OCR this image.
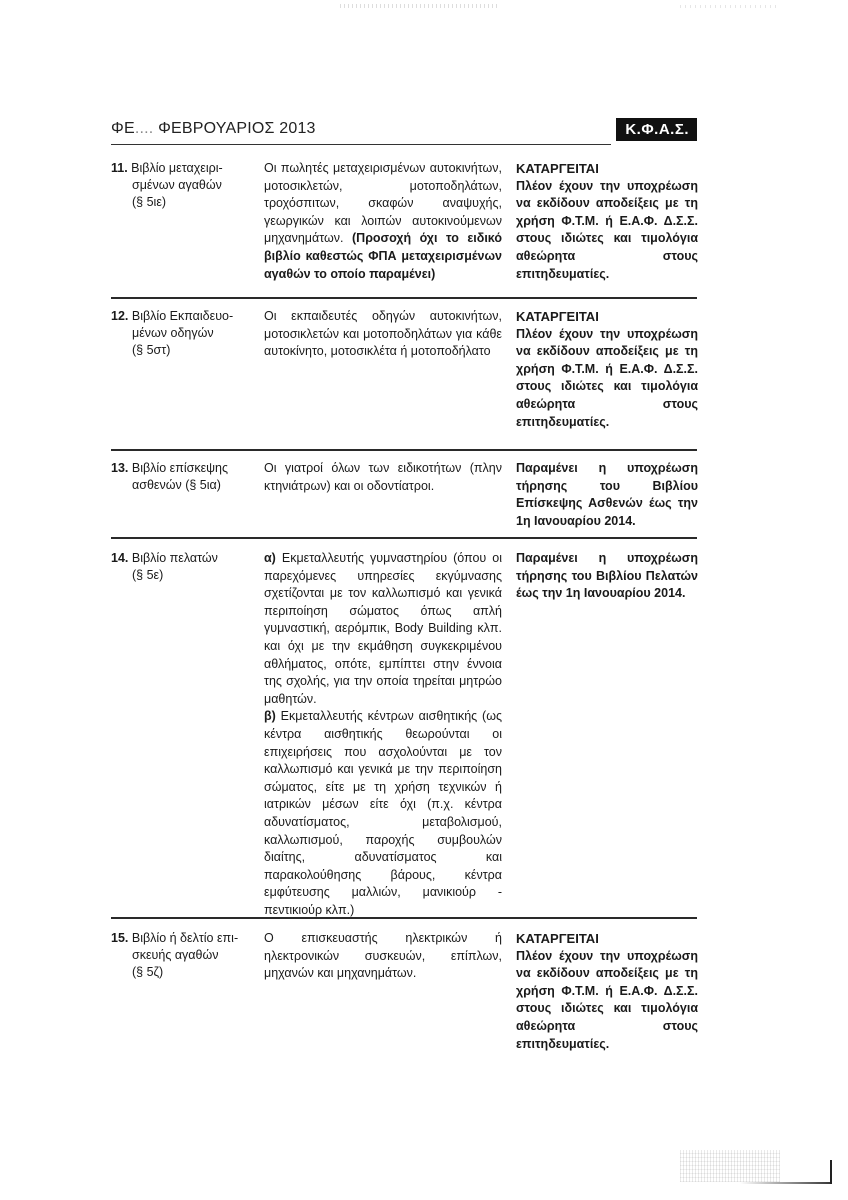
ΦΕ.... ΦΕΒΡΟΥΑΡΙΟΣ 2013	Κ.Φ.Α.Σ.
11. Βιβλίο μεταχειρι-
σμένων αγαθών
(§ 5ιε)
Οι πωλητές μεταχειρισμένων αυτοκινήτων, μοτοσικλετών, μοτοποδηλάτων, τροχόσπιτων, σκαφών αναψυχής, γεωργικών και λοιπών αυτοκινούμενων μηχανημάτων. (Προσοχή όχι το ειδικό βιβλίο καθεστώς ΦΠΑ μεταχειρισμένων αγαθών το οποίο παραμένει)
ΚΑΤΑΡΓΕΙΤΑΙ
Πλέον έχουν την υποχρέωση να εκδίδουν αποδείξεις με τη χρήση Φ.Τ.Μ. ή Ε.Α.Φ. Δ.Σ.Σ. στους ιδιώτες και τιμολόγια αθεώρητα στους επιτηδευματίες.
12. Βιβλίο Εκπαιδευο-
μένων οδηγών
(§ 5στ)
Οι εκπαιδευτές οδηγών αυτοκινήτων, μοτοσικλετών και μοτοποδηλάτων για κάθε αυτοκίνητο, μοτοσικλέτα ή μοτοποδήλατο
ΚΑΤΑΡΓΕΙΤΑΙ
Πλέον έχουν την υποχρέωση να εκδίδουν αποδείξεις με τη χρήση Φ.Τ.Μ. ή Ε.Α.Φ. Δ.Σ.Σ. στους ιδιώτες και τιμολόγια αθεώρητα στους επιτηδευματίες.
13. Βιβλίο επίσκεψης
ασθενών (§ 5ια)
Οι γιατροί όλων των ειδικοτήτων (πλην κτηνιάτρων) και οι οδοντίατροι.
Παραμένει η υποχρέωση τήρησης του Βιβλίου Επίσκεψης Ασθενών έως την 1η Ιανουαρίου 2014.
14. Βιβλίο πελατών
(§ 5ε)
α) Εκμεταλλευτής γυμναστηρίου (όπου οι παρεχόμενες υπηρεσίες εκγύμνασης σχετίζονται με τον καλλωπισμό και γενικά περιποίηση σώματος όπως απλή γυμναστική, αερόμπικ, Body Building κλπ. και όχι με την εκμάθηση συγκεκριμένου αθλήματος, οπότε, εμπίπτει στην έννοια της σχολής, για την οποία τηρείται μητρώο μαθητών.
β) Εκμεταλλευτής κέντρων αισθητικής (ως κέντρα αισθητικής θεωρούνται οι επιχειρήσεις που ασχολούνται με τον καλλωπισμό και γενικά με την περιποίηση σώματος, είτε με τη χρήση τεχνικών ή ιατρικών μέσων είτε όχι (π.χ. κέντρα αδυνατίσματος, μεταβολισμού, καλλωπισμού, παροχής συμβουλών διαίτης, αδυνατίσματος και παρακολούθησης βάρους, κέντρα εμφύτευσης μαλλιών, μανικιούρ - πεντικιούρ κλπ.)
Παραμένει η υποχρέωση τήρησης του Βιβλίου Πελατών έως την 1η Ιανουαρίου 2014.
15. Βιβλίο ή δελτίο επι-
σκευής αγαθών
(§ 5ζ)
Ο επισκευαστής ηλεκτρικών ή ηλεκτρονικών συσκευών, επίπλων, μηχανών και μηχανημάτων.
ΚΑΤΑΡΓΕΙΤΑΙ
Πλέον έχουν την υποχρέωση να εκδίδουν αποδείξεις με τη χρήση Φ.Τ.Μ. ή Ε.Α.Φ. Δ.Σ.Σ. στους ιδιώτες και τιμολόγια αθεώρητα στους επιτηδευματίες.
